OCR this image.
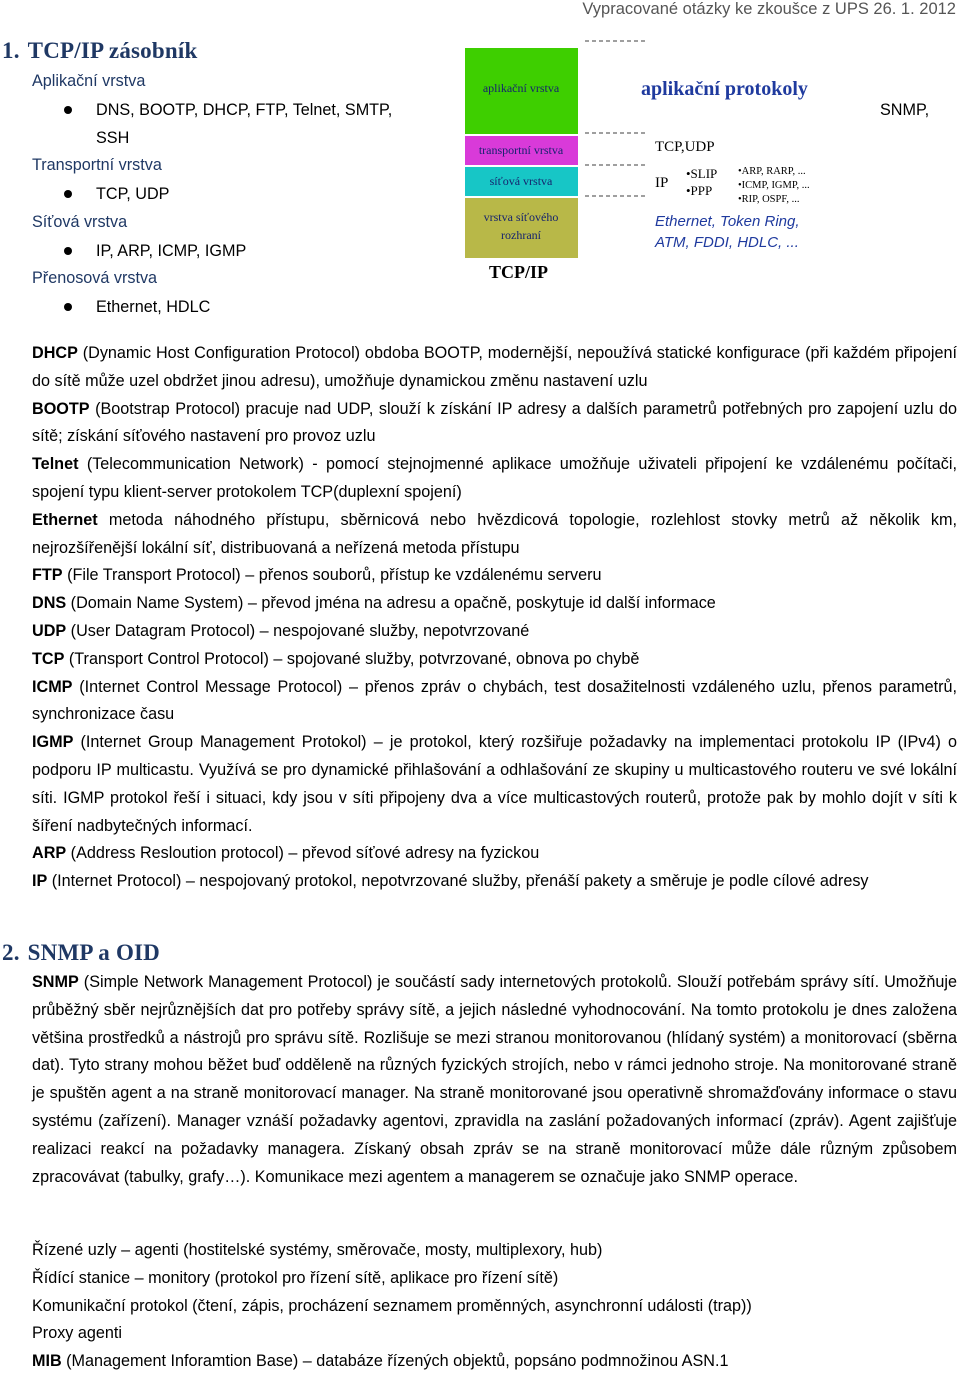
Vypracované otázky ke zkoušce z UPS 26. 1. 2012
1. TCP/IP zásobník
Aplikační vrstva
DNS, BOOTP, DHCP, FTP, Telnet, SMTP,
SSH
SNMP,
Transportní vrstva
TCP, UDP
Síťová vrstva
IP, ARP, ICMP, IGMP
Přenosová vrstva
Ethernet, HDLC
aplikační vrstva
transportní vrstva
síťová vrstva
vrstva síťového
rozhraní
TCP/IP
aplikační protokoly
TCP,UDP
IP
•SLIP
•PPP
•ARP, RARP, ...
•ICMP, IGMP, ...
•RIP, OSPF, ...
Ethernet, Token Ring,
ATM, FDDI, HDLC, ...

DHCP (Dynamic Host Configuration Protocol) obdoba BOOTP, modernější, nepoužívá statické konfigurace (při každém připojení do sítě může uzel obdržet jinou adresu), umožňuje dynamickou změnu nastavení uzlu

BOOTP (Bootstrap Protocol) pracuje nad UDP, slouží k získání IP adresy a dalších parametrů potřebných pro zapojení uzlu do sítě; získání síťového nastavení pro provoz uzlu

Telnet (Telecommunication Network) - pomocí stejnojmenné aplikace umožňuje uživateli připojení ke vzdálenému počítači, spojení typu klient-server protokolem TCP(duplexní spojení)

Ethernet metoda náhodného přístupu, sběrnicová nebo hvězdicová topologie, rozlehlost stovky metrů až několik km, nejrozšířenější lokální síť, distribuovaná a neřízená metoda přístupu

FTP (File Transport Protocol) – přenos souborů, přístup ke vzdálenému serveru

DNS (Domain Name System) – převod jména na adresu a opačně, poskytuje id další informace

UDP (User Datagram Protocol) – nespojované služby, nepotvrzované

TCP (Transport Control Protocol) – spojované služby, potvrzované, obnova po chybě

ICMP (Internet Control Message Protocol) – přenos zpráv o chybách, test dosažitelnosti vzdáleného uzlu, přenos parametrů, synchronizace času

IGMP (Internet Group Management Protokol) – je protokol, který rozšiřuje požadavky na implementaci protokolu IP (IPv4) o podporu IP multicastu. Využívá se pro dynamické přihlašování a odhlašování ze skupiny u multicastového routeru ve své lokální síti. IGMP protokol řeší i situaci, kdy jsou v síti připojeny dva a více multicastových routerů, protože pak by mohlo dojít v síti k šíření nadbytečných informací.

ARP (Address Resloution protocol) – převod síťové adresy na fyzickou

IP (Internet Protocol) – nespojovaný protokol, nepotvrzované služby, přenáší pakety a směruje je podle cílové adresy

2. SNMP a OID

SNMP (Simple Network Management Protocol) je součástí sady internetových protokolů. Slouží potřebám správy sítí. Umožňuje průběžný sběr nejrůznějších dat pro potřeby správy sítě, a jejich následné vyhodnocování. Na tomto protokolu je dnes založena většina prostředků a nástrojů pro správu sítě. Rozlišuje se mezi stranou monitorovanou (hlídaný systém) a monitorovací (sběrna dat). Tyto strany mohou běžet buď odděleně na různých fyzických strojích, nebo v rámci jednoho stroje. Na monitorované straně je spuštěn agent a na straně monitorovací manager. Na straně monitorované jsou operativně shromažďovány informace o stavu systému (zařízení). Manager vznáší požadavky agentovi, zpravidla na zaslání požadovaných informací (zpráv). Agent zajišťuje realizaci reakcí na požadavky managera. Získaný obsah zpráv se na straně monitorovací může dále různým způsobem zpracovávat (tabulky, grafy…). Komunikace mezi agentem a managerem se označuje jako SNMP operace.

Řízené uzly – agenti (hostitelské systémy, směrovače, mosty, multiplexory, hub)

Řídící stanice – monitory (protokol pro řízení sítě, aplikace pro řízení sítě)

Komunikační protokol (čtení, zápis, procházení seznamem proměnných, asynchronní události (trap))

Proxy agenti

MIB (Management Inforamtion Base) – databáze řízených objektů, popsáno podmnožinou ASN.1
